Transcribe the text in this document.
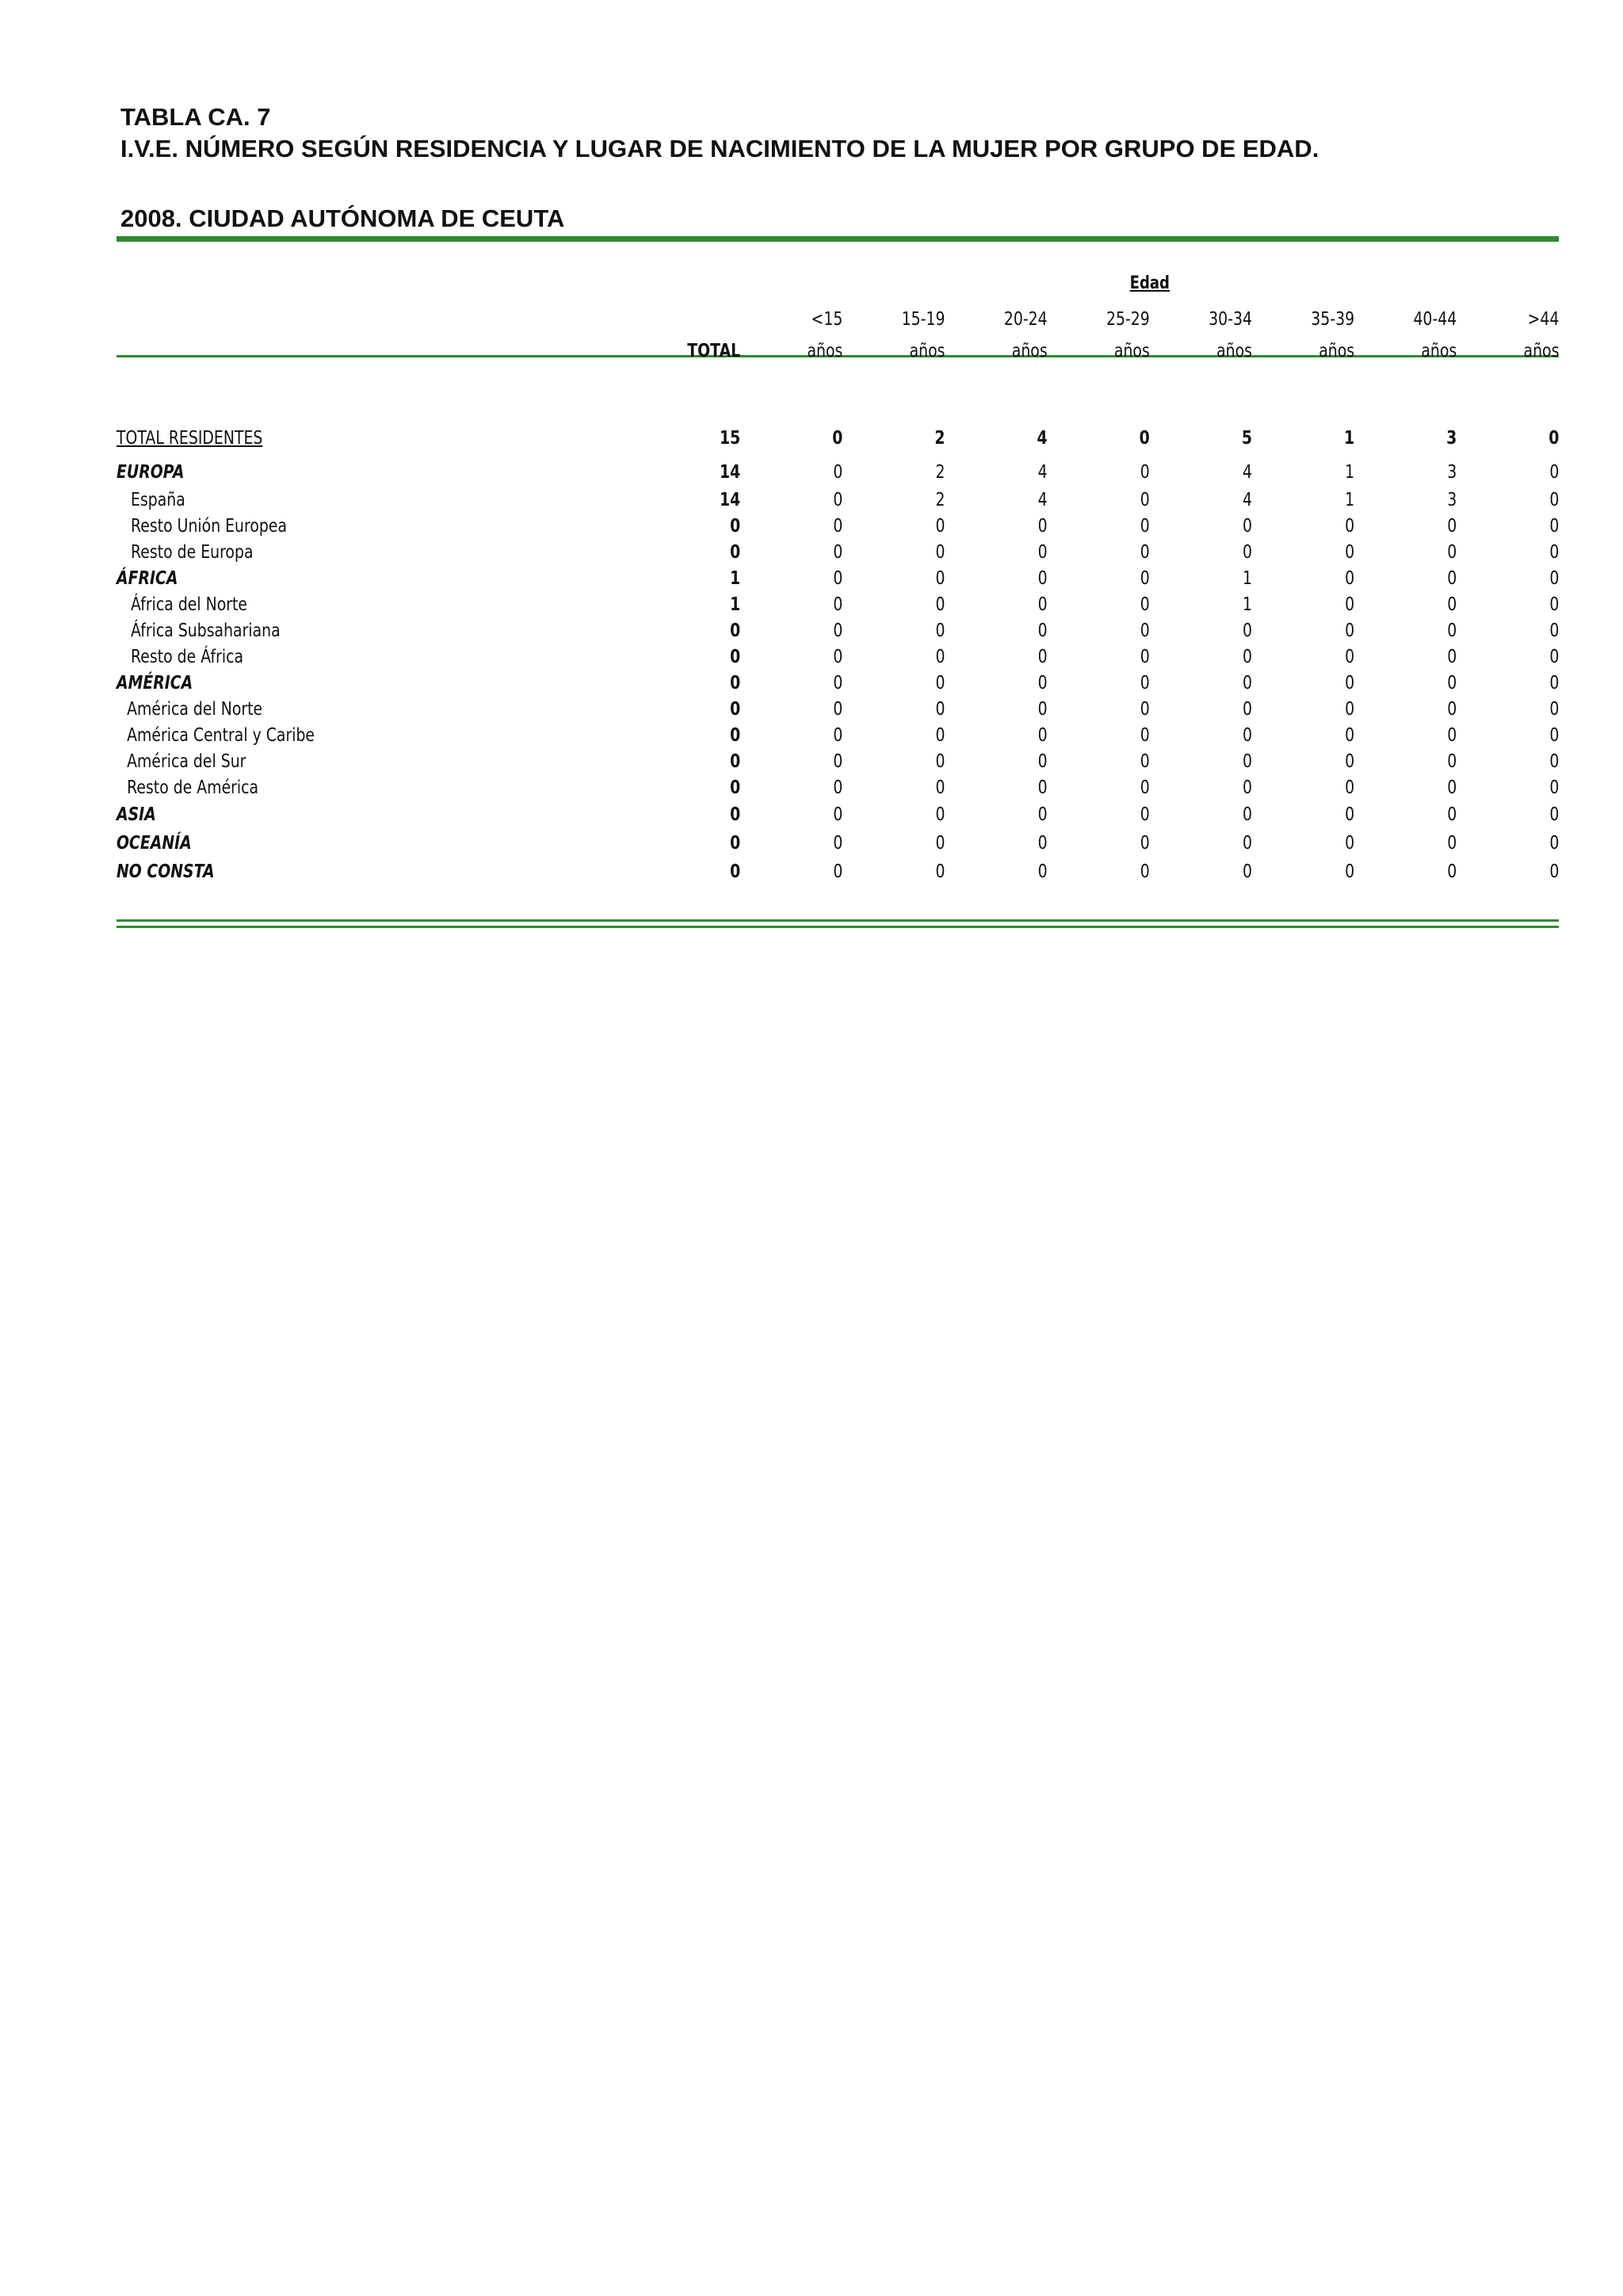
TABLA CA. 7
I.V.E. NÚMERO SEGÚN RESIDENCIA Y LUGAR DE NACIMIENTO DE LA MUJER POR GRUPO DE EDAD.
2008. CIUDAD AUTÓNOMA DE CEUTA

		Edad							

		<15	15-19	20-24	25-29	30-34	35-39	40-44	>44
	TOTAL	años	años	años	años	años	años	años	años

TOTAL RESIDENTES	15	0	2	4	0	5	1	3	0
EUROPA	14	0	2	4	0	4	1	3	0
España	14	0	2	4	0	4	1	3	0
Resto Unión Europea	0	0	0	0	0	0	0	0	0
Resto de Europa	0	0	0	0	0	0	0	0	0
ÁFRICA	1	0	0	0	0	1	0	0	0
África del Norte	1	0	0	0	0	1	0	0	0
África Subsahariana	0	0	0	0	0	0	0	0	0
Resto de África	0	0	0	0	0	0	0	0	0
AMÉRICA	0	0	0	0	0	0	0	0	0
América del Norte	0	0	0	0	0	0	0	0	0
América Central y Caribe	0	0	0	0	0	0	0	0	0
América del Sur	0	0	0	0	0	0	0	0	0
Resto de América	0	0	0	0	0	0	0	0	0
ASIA	0	0	0	0	0	0	0	0	0
OCEANÍA	0	0	0	0	0	0	0	0	0
NO CONSTA	0	0	0	0	0	0	0	0	0
